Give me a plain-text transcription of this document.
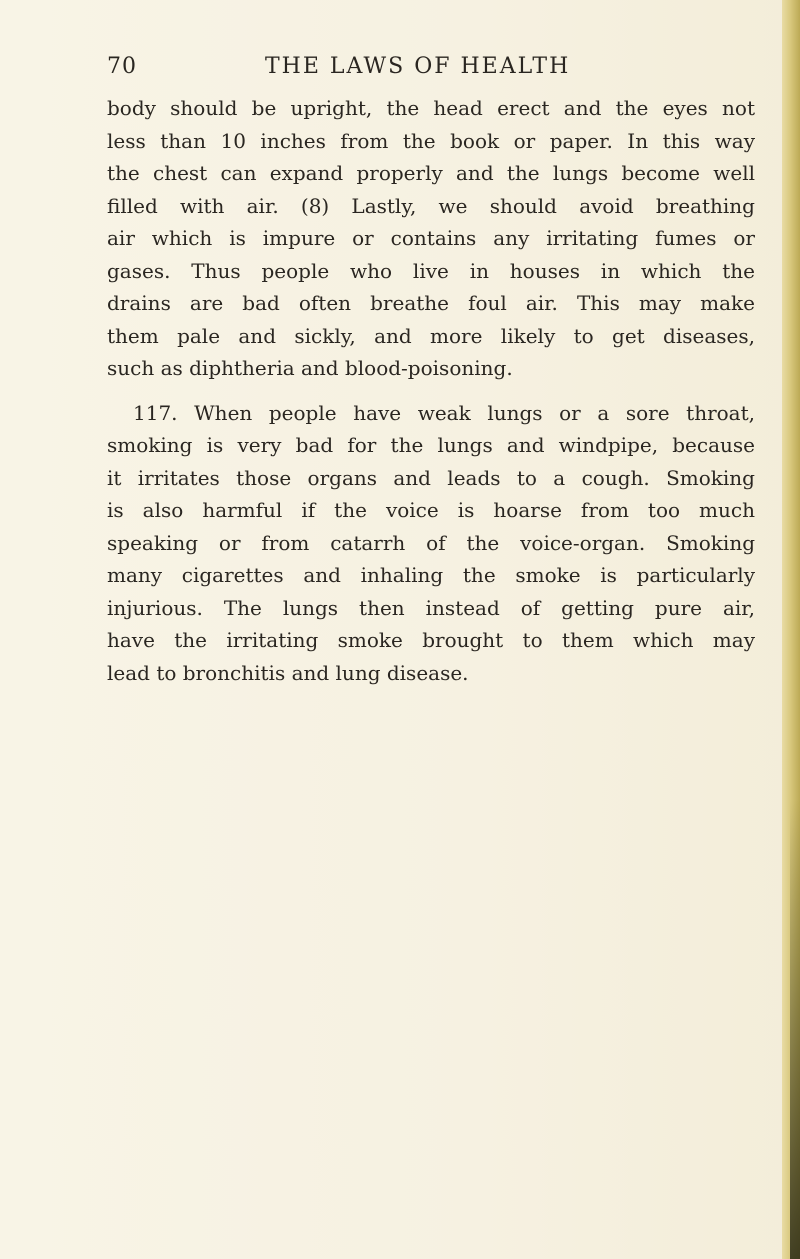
70	THE LAWS OF HEALTH

body should be upright, the head erect and the eyes not
less than 10 inches from the book or paper. In this way
the chest can expand properly and the lungs become well
filled with air. (8) Lastly, we should avoid breathing
air which is impure or contains any irritating fumes or
gases. Thus people who live in houses in which the
drains are bad often breathe foul air. This may make
them pale and sickly, and more likely to get diseases,
such as diphtheria and blood-poisoning.

117. When people have weak lungs or a sore throat,
smoking is very bad for the lungs and windpipe, because
it irritates those organs and leads to a cough. Smoking
is also harmful if the voice is hoarse from too much
speaking or from catarrh of the voice-organ. Smoking
many cigarettes and inhaling the smoke is particularly
injurious. The lungs then instead of getting pure air,
have the irritating smoke brought to them which may
lead to bronchitis and lung disease.
